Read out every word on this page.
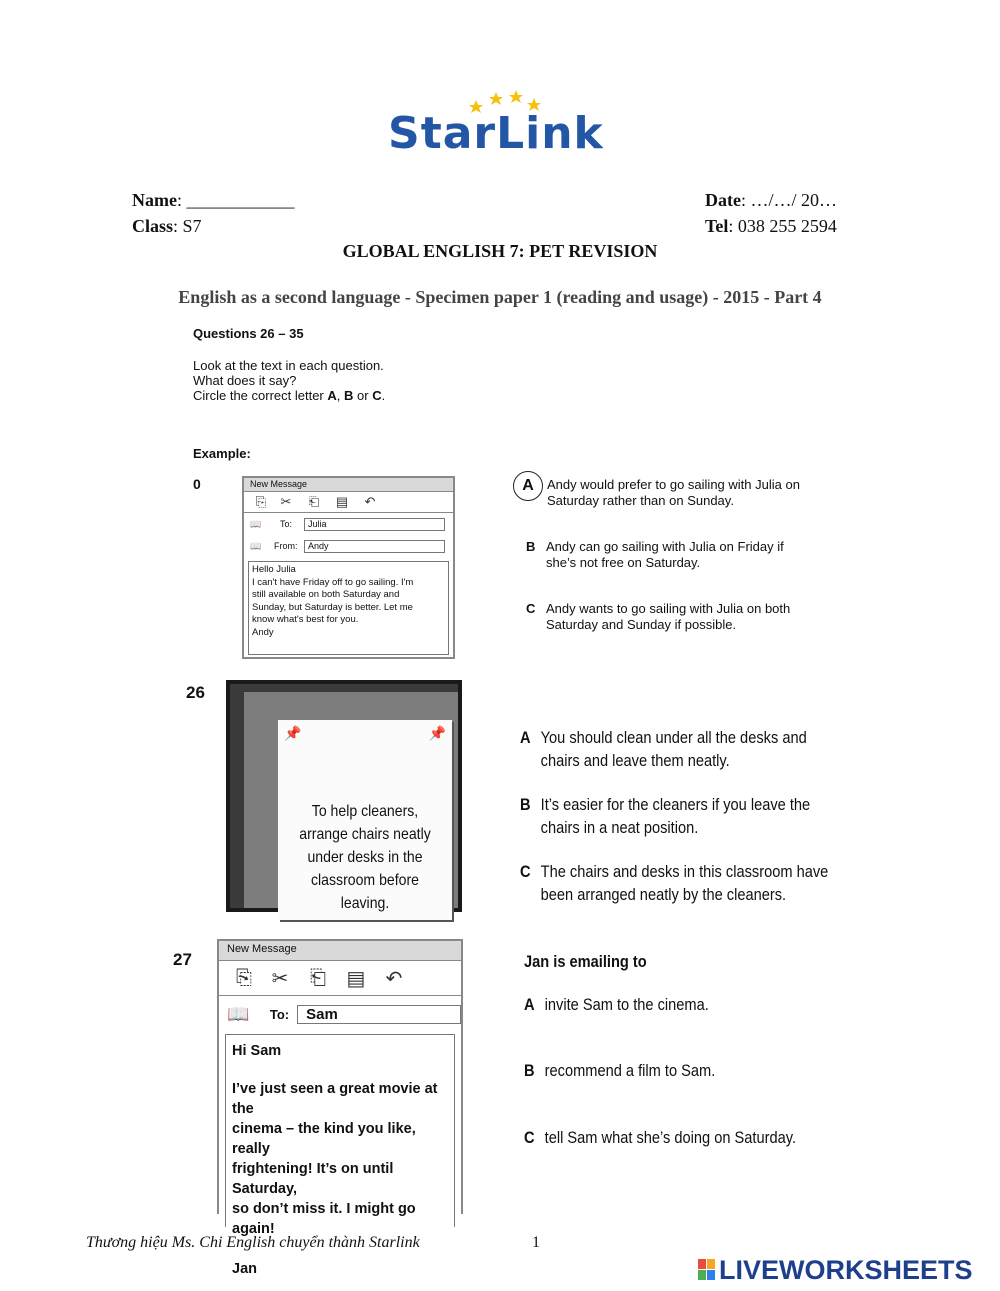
StarLink
Name: ____________
Class: S7
Date: …/…/ 20…
Tel: 038 255 2594
GLOBAL ENGLISH 7: PET REVISION
English as a second language - Specimen paper 1 (reading and usage) - 2015 - Part 4
Questions 26 – 35
Look at the text in each question.
What does it say?
Circle the correct letter A, B or C.
Example:
0	New Message
⎘	✂	⎗	▤	↶
📖	To:	Julia
📖	From:	Andy
Hello Julia
I can't have Friday off to go sailing. I'm
still available on both Saturday and
Sunday, but Saturday is better. Let me
know what's best for you.
Andy
A	Andy would prefer to go sailing with Julia on
Saturday rather than on Sunday.
B Andy can go sailing with Julia on Friday if
she’s not free on Saturday.
C Andy wants to go sailing with Julia on both
Saturday and Sunday if possible.
26
📌	📌
To help cleaners,
arrange chairs neatly
under desks in the
classroom before leaving.
A You should clean under all the desks and
chairs and leave them neatly.
B It’s easier for the cleaners if you leave the
chairs in a neat position.
C The chairs and desks in this classroom have
been arranged neatly by the cleaners.
27
New Message
⎘ ✂	⎗	▤	↶
📖	To:	Sam
Hi Sam
I’ve just seen a great movie at the
cinema – the kind you like, really
frightening! It’s on until Saturday,
so don’t miss it. I might go again!
Jan
Jan is emailing to
A invite Sam to the cinema.
B recommend a film to Sam.
C tell Sam what she’s doing on Saturday.
Thương hiệu Ms. Chi English chuyển thành Starlink	1
LIVEWORKSHEETS
